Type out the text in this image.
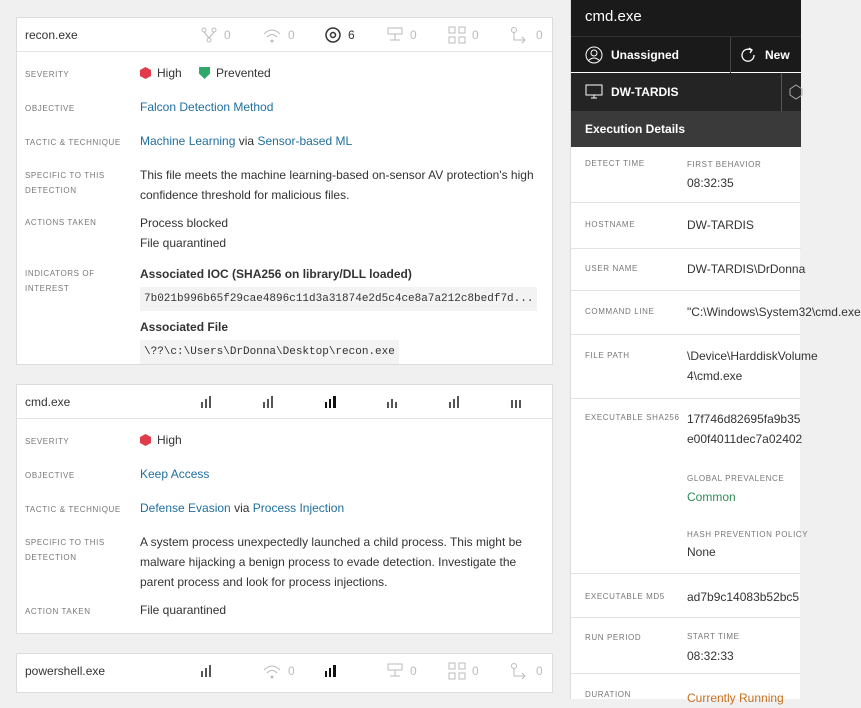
recon.exe	0	0	6	0	0	0
SEVERITY	High
	Prevented
OBJECTIVE	Falcon Detection Method
TACTIC & TECHNIQUE	Machine Learning via Sensor-based ML
SPECIFIC TO THIS DETECTION
This file meets the machine learning-based on-sensor AV protection's high confidence threshold for malicious files.
ACTIONS TAKEN	Process blocked
File quarantined
INDICATORS OF INTEREST
Associated IOC (SHA256 on library/DLL loaded)
7b021b996b65f29cae4896c11d3a31874e2d5c4ce8a7a212c8bedf7d...
Associated File
\??\c:\Users\DrDonna\Desktop\recon.exe
cmd.exe
SEVERITY	High
OBJECTIVE	Keep Access
TACTIC & TECHNIQUE	Defense Evasion via Process Injection
SPECIFIC TO THIS DETECTION
A system process unexpectedly launched a child process. This might be malware hijacking a benign process to evade detection. Investigate the parent process and look for process injections.
ACTION TAKEN	File quarantined
powershell.exe	0	0	0	0
cmd.exe
Unassigned	New
DW-TARDIS
Execution Details
DETECT TIME	FIRST BEHAVIOR
08:32:35
HOSTNAME	DW-TARDIS
USER NAME	DW-TARDIS\DrDonna
COMMAND LINE	"C:\Windows\System32\cmd.exe
FILE PATH	\Device\HarddiskVolume
4\cmd.exe
EXECUTABLE SHA256 17f746d82695fa9b35
e00f4011dec7a02402
GLOBAL PREVALENCE
Common
HASH PREVENTION POLICY
None
EXECUTABLE MD5	ad7b9c14083b52bc5
RUN PERIOD	START TIME
08:32:33
DURATION	Currently Running
